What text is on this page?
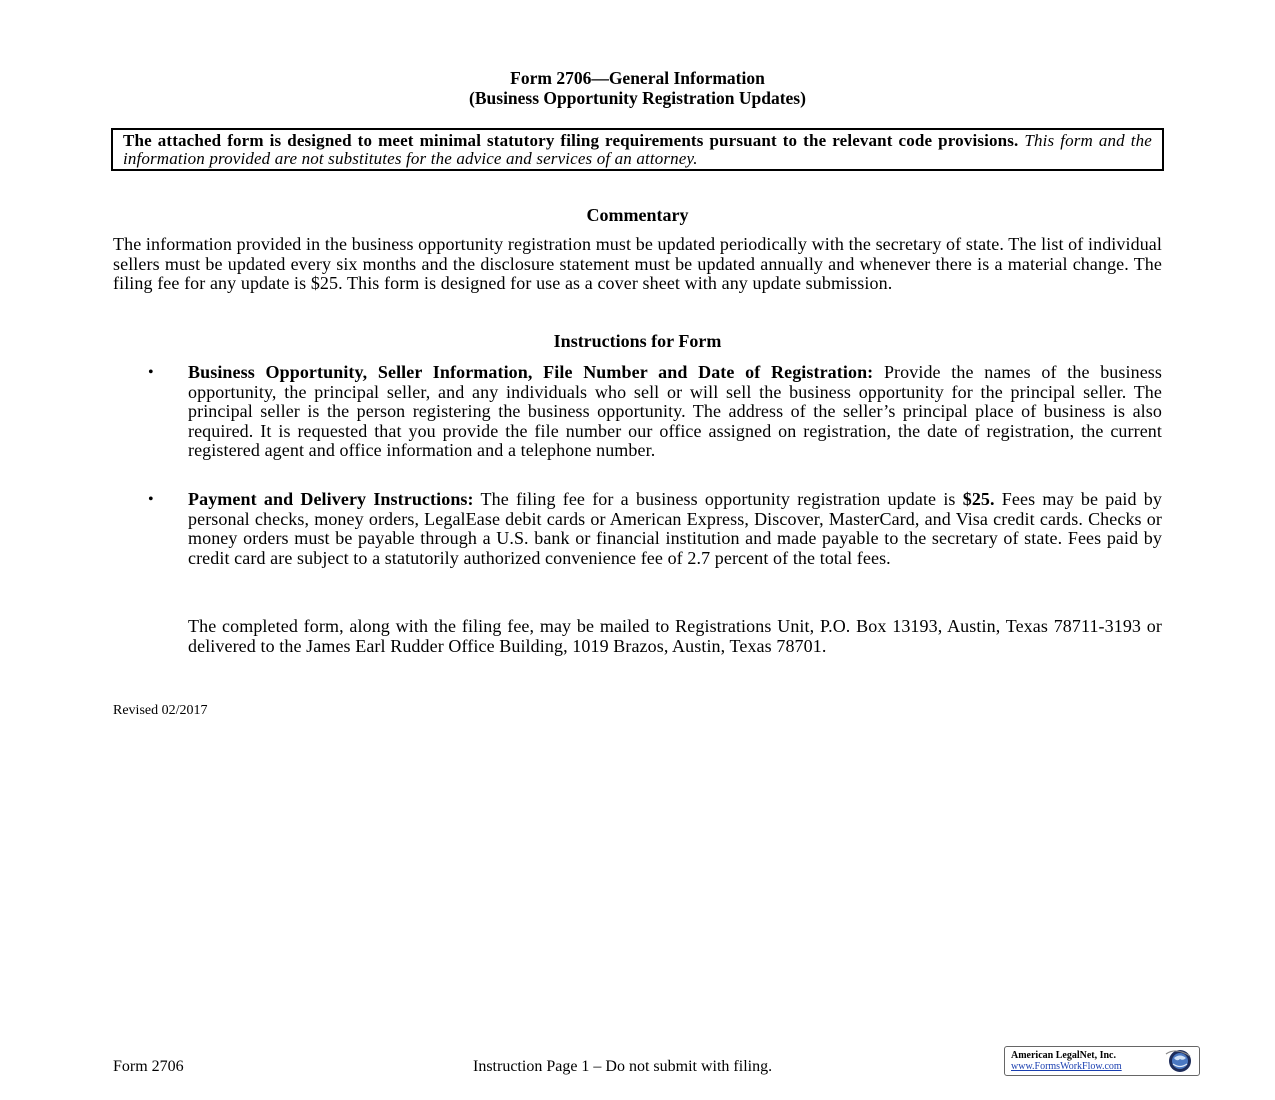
Form 2706—General Information
(Business Opportunity Registration Updates)
The attached form is designed to meet minimal statutory filing requirements pursuant to the relevant code provisions. This form and the information provided are not substitutes for the advice and services of an attorney.
Commentary
The information provided in the business opportunity registration must be updated periodically with the secretary of state. The list of individual sellers must be updated every six months and the disclosure statement must be updated annually and whenever there is a material change. The filing fee for any update is $25. This form is designed for use as a cover sheet with any update submission.
Instructions for Form
• Business Opportunity, Seller Information, File Number and Date of Registration: Provide the names of the business opportunity, the principal seller, and any individuals who sell or will sell the business opportunity for the principal seller. The principal seller is the person registering the business opportunity. The address of the seller’s principal place of business is also required. It is requested that you provide the file number our office assigned on registration, the date of registration, the current registered agent and office information and a telephone number.
• Payment and Delivery Instructions: The filing fee for a business opportunity registration update is $25. Fees may be paid by personal checks, money orders, LegalEase debit cards or American Express, Discover, MasterCard, and Visa credit cards. Checks or money orders must be payable through a U.S. bank or financial institution and made payable to the secretary of state. Fees paid by credit card are subject to a statutorily authorized convenience fee of 2.7 percent of the total fees.
The completed form, along with the filing fee, may be mailed to Registrations Unit, P.O. Box 13193, Austin, Texas 78711-3193 or delivered to the James Earl Rudder Office Building, 1019 Brazos, Austin, Texas 78701.
Revised 02/2017
Form 2706	Instruction Page 1 – Do not submit with filing.
American LegalNet, Inc.
www.FormsWorkFlow.com
